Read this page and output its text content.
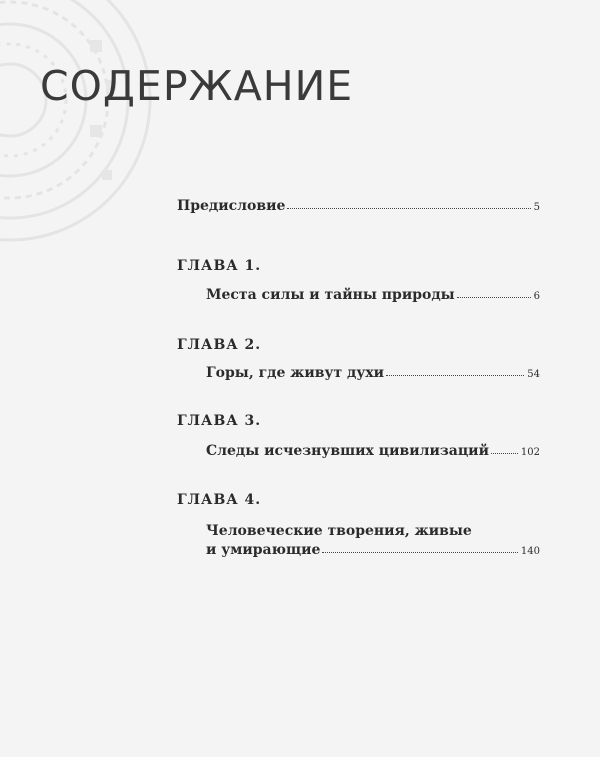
СОДЕРЖАНИЕ
Предисловие	5
ГЛАВА 1.
Места силы и тайны природы	6
ГЛАВА 2.
Горы, где живут духи	54
ГЛАВА 3.
Следы исчезнувших цивилизаций	102
ГЛАВА 4.
Человеческие творения, живые
и умирающие	140
